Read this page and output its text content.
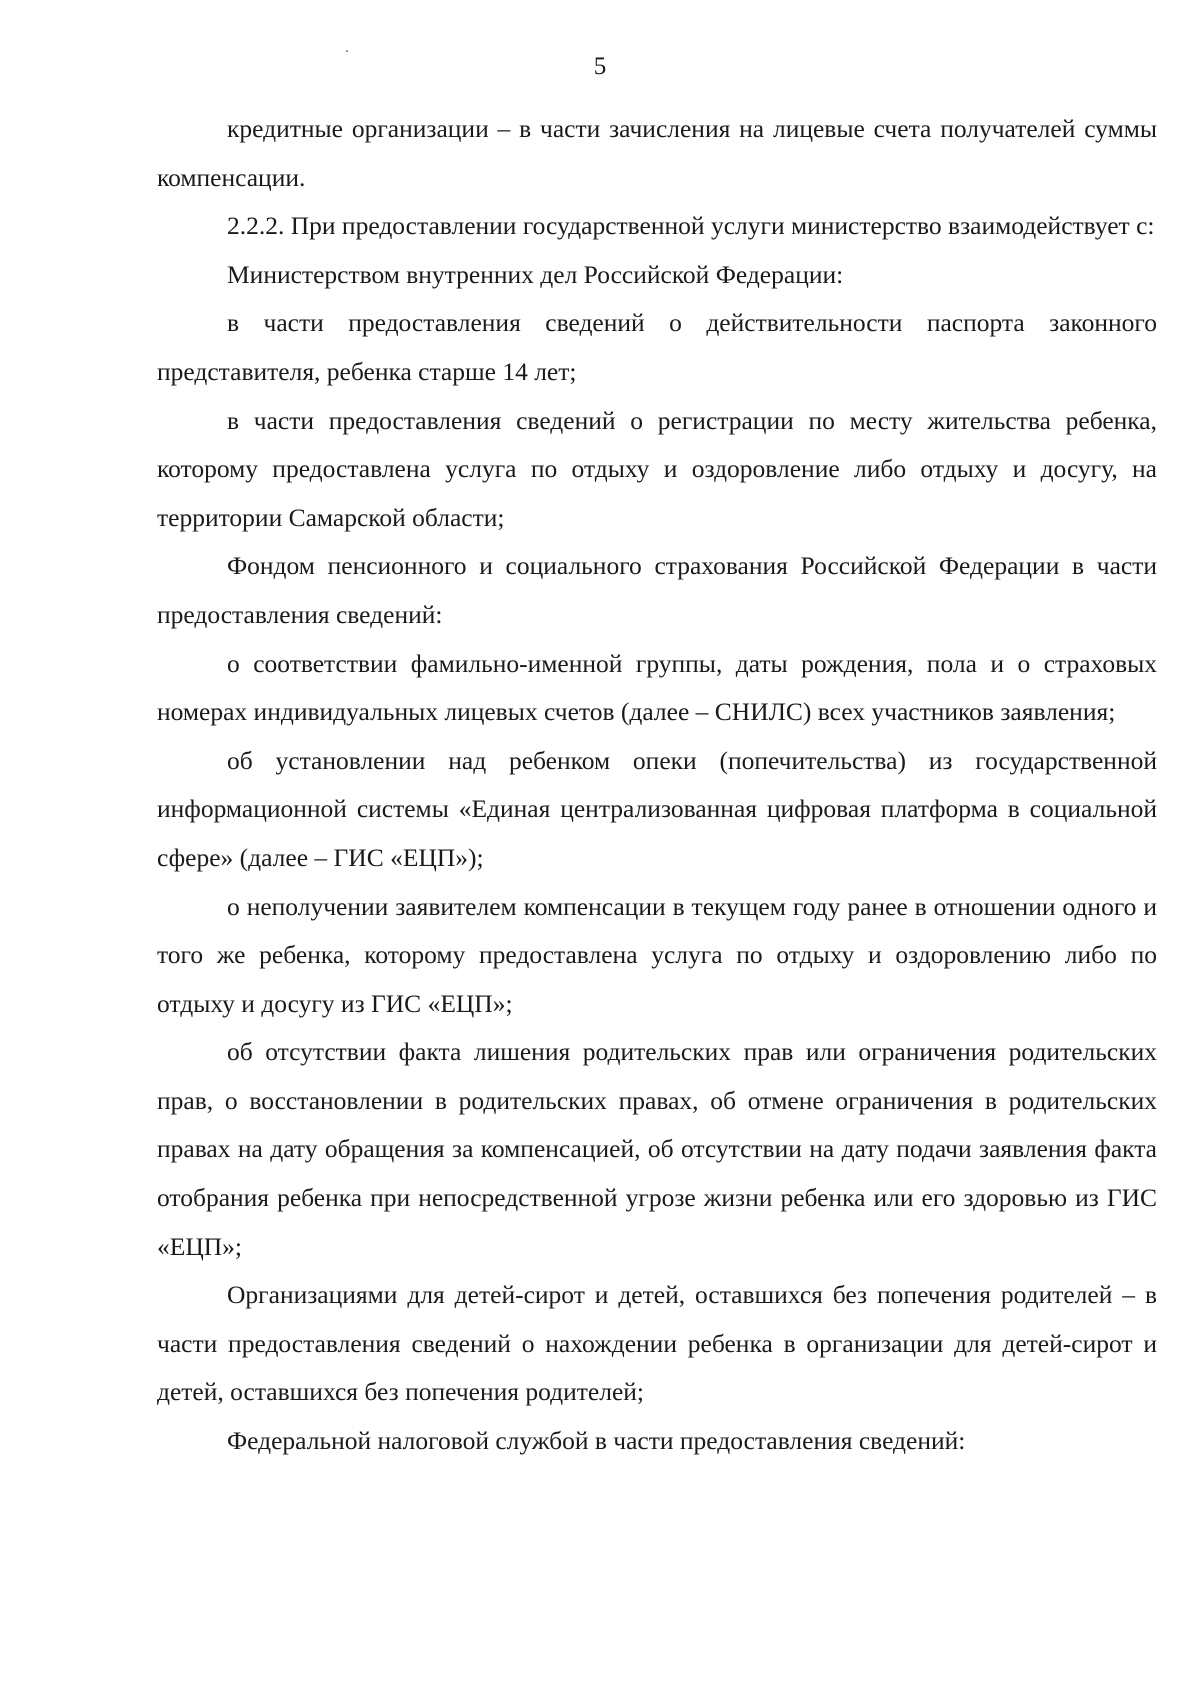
5

кредитные организации – в части зачисления на лицевые счета получателей суммы компенсации.

2.2.2. При предоставлении государственной услуги министерство взаимодействует с:

Министерством внутренних дел Российской Федерации:

в части предоставления сведений о действительности паспорта законного представителя, ребенка старше 14 лет;

в части предоставления сведений о регистрации по месту жительства ребенка, которому предоставлена услуга по отдыху и оздоровление либо отдыху и досугу, на территории Самарской области;

Фондом пенсионного и социального страхования Российской Федерации в части предоставления сведений:

о соответствии фамильно-именной группы, даты рождения, пола и о страховых номерах индивидуальных лицевых счетов (далее – СНИЛС) всех участников заявления;

об установлении над ребенком опеки (попечительства) из государственной информационной системы «Единая централизованная цифровая платформа в социальной сфере» (далее – ГИС «ЕЦП»);

о неполучении заявителем компенсации в текущем году ранее в отношении одного и того же ребенка, которому предоставлена услуга по отдыху и оздоровлению либо по отдыху и досугу из ГИС «ЕЦП»;

об отсутствии факта лишения родительских прав или ограничения родительских прав, о восстановлении в родительских правах, об отмене ограничения в родительских правах на дату обращения за компенсацией, об отсутствии на дату подачи заявления факта отобрания ребенка при непосредственной угрозе жизни ребенка или его здоровью из ГИС «ЕЦП»;

Организациями для детей-сирот и детей, оставшихся без попечения родителей – в части предоставления сведений о нахождении ребенка в организации для детей-сирот и детей, оставшихся без попечения родителей;

Федеральной налоговой службой в части предоставления сведений:
